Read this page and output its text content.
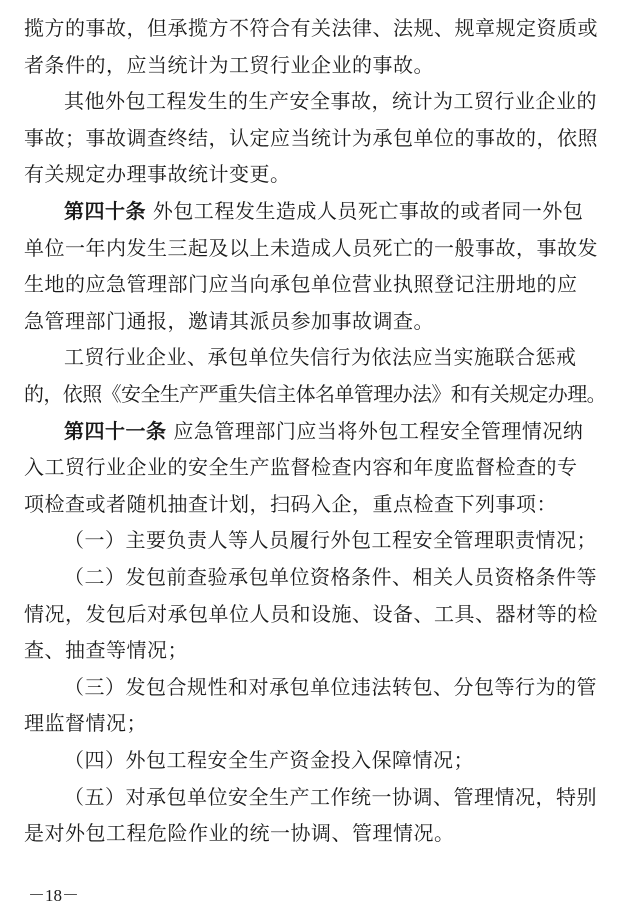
揽方的事故，但承揽方不符合有关法律、法规、规章规定资质或
者条件的，应当统计为工贸行业企业的事故。
其他外包工程发生的生产安全事故，统计为工贸行业企业的
事故；事故调查终结，认定应当统计为承包单位的事故的，依照
有关规定办理事故统计变更。
第四十条 外包工程发生造成人员死亡事故的或者同一外包
单位一年内发生三起及以上未造成人员死亡的一般事故，事故发
生地的应急管理部门应当向承包单位营业执照登记注册地的应
急管理部门通报，邀请其派员参加事故调查。
工贸行业企业、承包单位失信行为依法应当实施联合惩戒
的，依照《安全生产严重失信主体名单管理办法》和有关规定办理。
第四十一条 应急管理部门应当将外包工程安全管理情况纳
入工贸行业企业的安全生产监督检查内容和年度监督检查的专
项检查或者随机抽查计划，扫码入企，重点检查下列事项：
（一）主要负责人等人员履行外包工程安全管理职责情况；
（二）发包前查验承包单位资格条件、相关人员资格条件等
情况，发包后对承包单位人员和设施、设备、工具、器材等的检
查、抽查等情况；
（三）发包合规性和对承包单位违法转包、分包等行为的管
理监督情况；
（四）外包工程安全生产资金投入保障情况；
（五）对承包单位安全生产工作统一协调、管理情况，特别
是对外包工程危险作业的统一协调、管理情况。
－18－
